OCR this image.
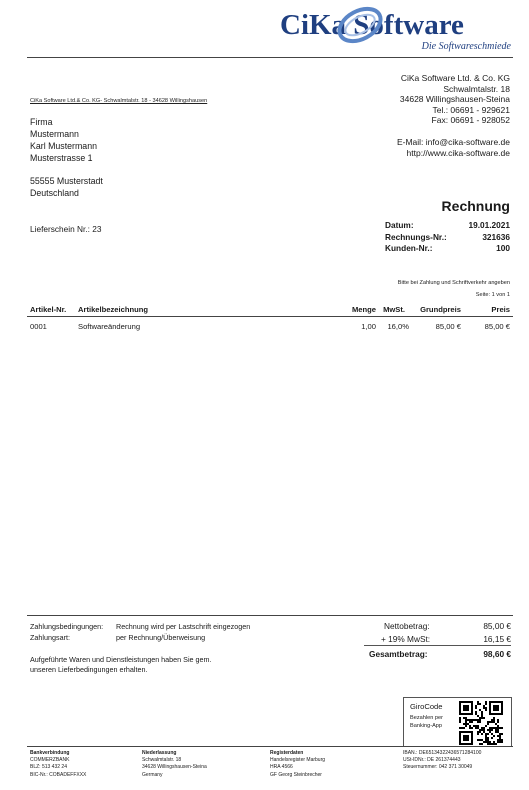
CiKa Software
Die Softwareschmiede
CiKa Software Ltd. & Co. KG
Schwalmtalstr. 18
34628 Willingshausen-Steina
Tel.: 06691 - 929621
Fax: 06691 - 928052
E-Mail: info@cika-software.de
http://www.cika-software.de
CiKa Software Ltd.& Co. KG- Schwalmtalstr. 18 - 34628 Willingshausen
Firma
Mustermann
Karl Mustermann
Musterstrasse 1
55555 Musterstadt
Deutschland
Rechnung
Datum:	19.01.2021
Rechnungs-Nr.:	321636
Kunden-Nr.:	100
Lieferschein Nr.: 23
Bitte bei Zahlung und Schriftverkehr angeben
Seite: 1 von 1
Artikel-Nr. Artikelbezeichnung	Menge MwSt. Grundpreis	Preis
0001	Softwareänderung	1,00 16,0%	85,00 €	85,00 €
Zahlungsbedingungen: Rechnung wird per Lastschrift eingezogen
Zahlungsart:	per Rechnung/Überweisung
Aufgeführte Waren und Dienstleistungen haben Sie gem.
unseren Lieferbedingungen erhalten.
Nettobetrag:	85,00 €
+ 19% MwSt:	16,15 €
Gesamtbetrag:	98,60 €
GiroCode
Bezahlen per
Banking-App
Bankverbindung
COMMERZBANK
BLZ: 513 432 24
BIC-Nr.: COBADEFFXXX
Niederlassung
Schwalmtalstr. 18
34628 Willingshausen-Steina
Germany
Registerdaten
Handelsregister Marburg
HRA 4566
GF Georg Steinbrecher
IBAN.: DE65134322436571284100
USt-IDNr.: DE 261374443
Steuernummer: 042 371 30049
